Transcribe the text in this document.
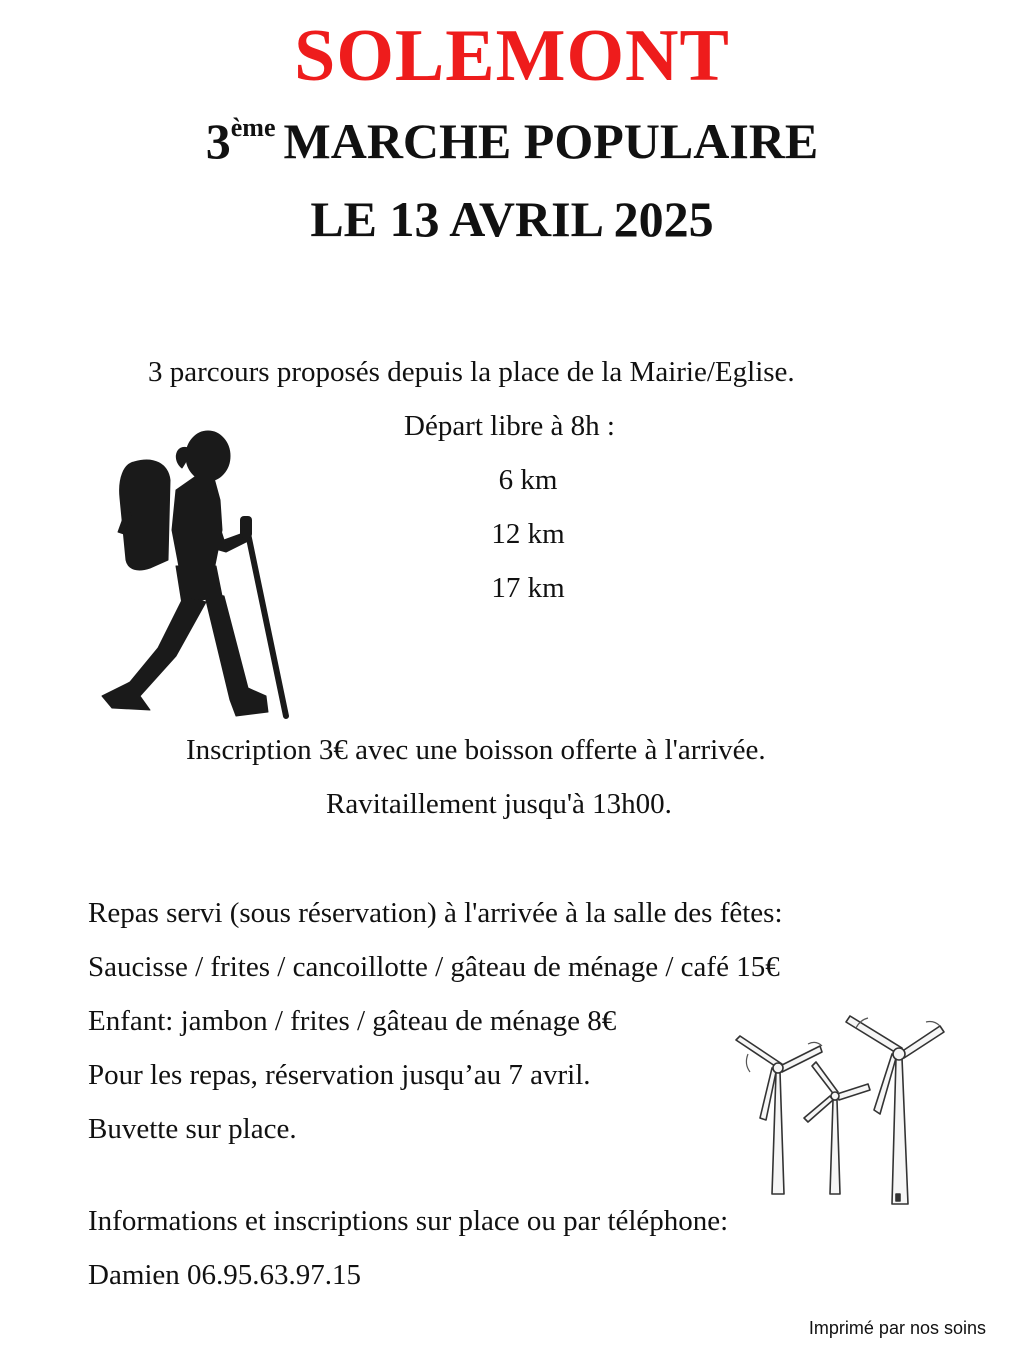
SOLEMONT
3ème MARCHE POPULAIRE
LE 13 AVRIL 2025
3 parcours proposés depuis la place de la Mairie/Eglise.
Départ libre à 8h :
6 km
12 km
17 km
Inscription 3€ avec une boisson offerte à l'arrivée.
Ravitaillement jusqu'à 13h00.
Repas servi (sous réservation) à l'arrivée à la salle des fêtes:
Saucisse / frites / cancoillotte / gâteau de ménage / café 15€
Enfant: jambon / frites / gâteau de ménage 8€
Pour les repas, réservation jusqu’au 7 avril.
Buvette sur place.
Informations et inscriptions sur place ou par téléphone:
Damien 06.95.63.97.15
Imprimé par nos soins
